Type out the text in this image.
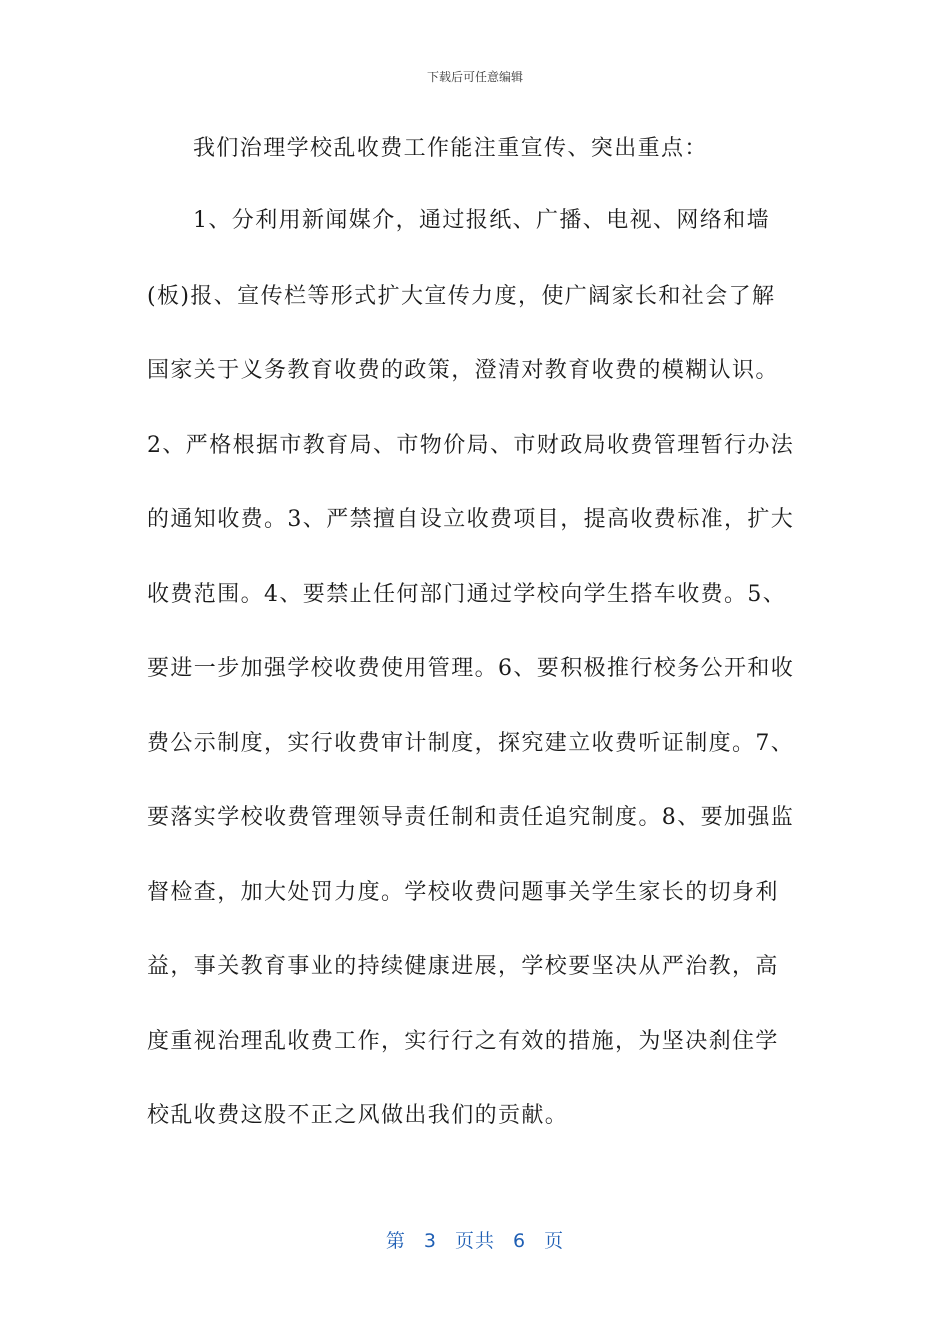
下载后可任意编辑
我们治理学校乱收费工作能注重宣传、突出重点：
1、分利用新闻媒介，通过报纸、广播、电视、网络和墙
(板)报、宣传栏等形式扩大宣传力度，使广阔家长和社会了解
国家关于义务教育收费的政策，澄清对教育收费的模糊认识。
2、严格根据市教育局、市物价局、市财政局收费管理暂行办法
的通知收费。3、严禁擅自设立收费项目，提高收费标准，扩大
收费范围。4、要禁止任何部门通过学校向学生搭车收费。5、
要进一步加强学校收费使用管理。6、要积极推行校务公开和收
费公示制度，实行收费审计制度，探究建立收费听证制度。7、
要落实学校收费管理领导责任制和责任追究制度。8、要加强监
督检查，加大处罚力度。学校收费问题事关学生家长的切身利
益，事关教育事业的持续健康进展，学校要坚决从严治教，高
度重视治理乱收费工作，实行行之有效的措施，为坚决刹住学
校乱收费这股不正之风做出我们的贡献。
第 3 页共 6 页
